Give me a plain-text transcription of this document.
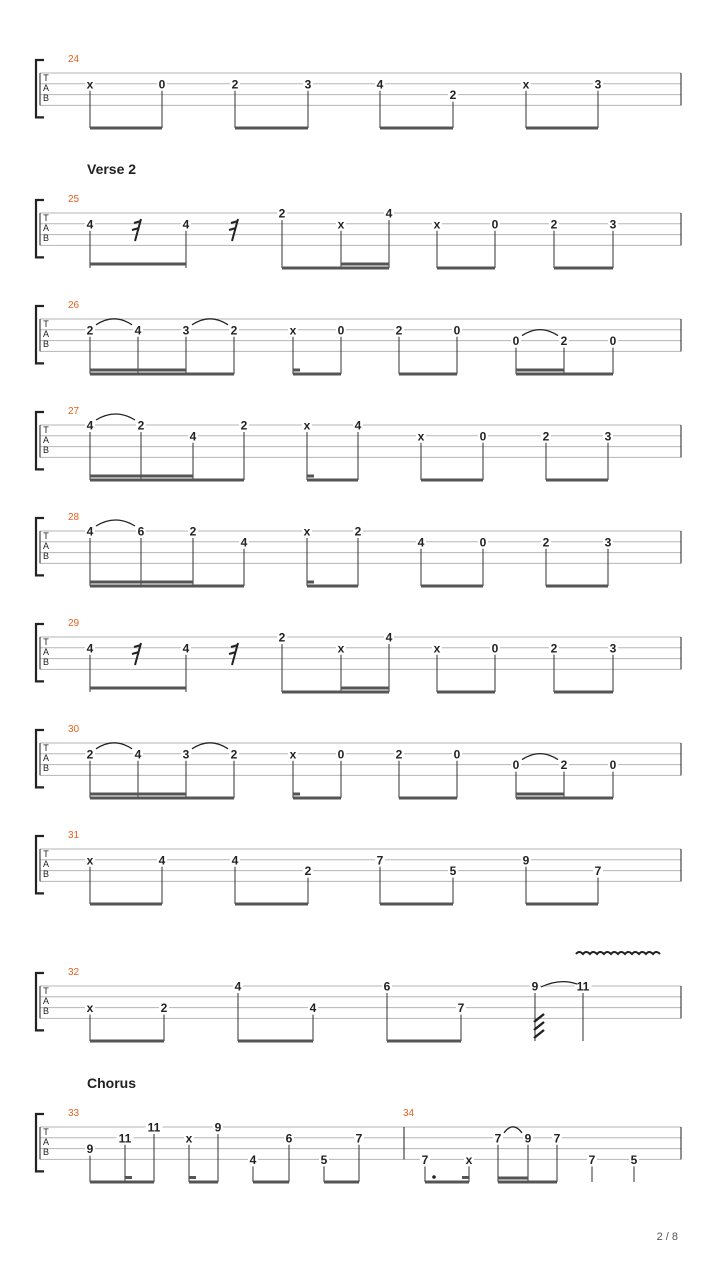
T
A
B
24
x	0	2	3	4
2
x	3
T
A
B
25
4	4
2
x
4
x	0	2	3
T
A
B
26
2	4	3	2	x	0	2	0
0	2	0
T
A
B
27
4	2
4
2	x	4
x	0	2	3
T
A
B
28
4	6	2
4
x	2
4	0	2	3
T
A
B
29
4	4
2
x
4
x	0	2	3
T
A
B
30
2	4	3	2	x	0	2	0
0	2	0
T
A
B
31
x	4	4
2
7
5
9
7
T
A
B
32
x	2
4
4
6
7
9	11
T
A
B
33
9
11
11
x
9
4
6
5
7
34
7	x
7 9 7
7	5
Verse 2
Chorus
2 / 8
